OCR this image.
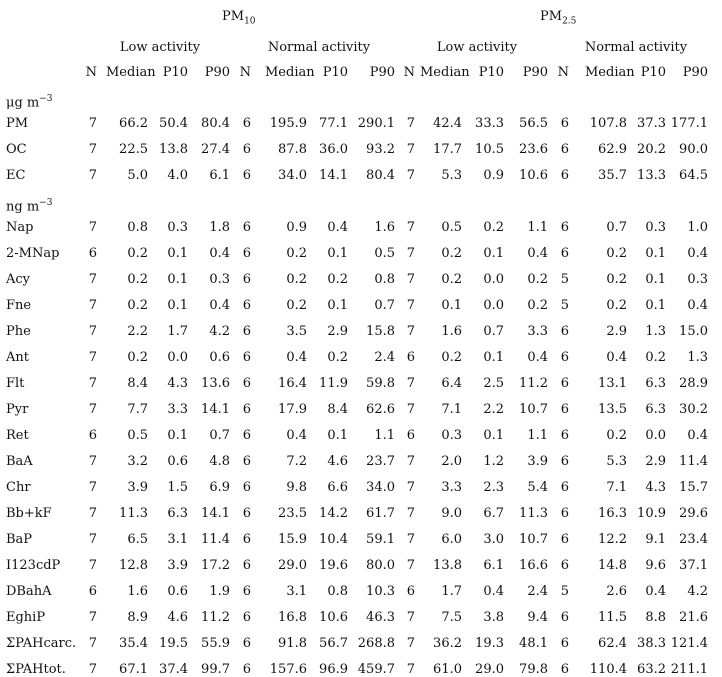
$PM_{10}$	$PM_{2.5}$
Low activity	Normal activity	Low activity	Normal activity
μg $m^{-3}$
ng $m^{-3}$
N Median P10	P90 N Median P10	P90 N Median P10	P90 N Median P10	P90
PM	7	66.2 50.4	80.4 6	195.9 77.1 290.1 7	42.4	33.3	56.5 6	107.8 37.3 177.1
OC	7	22.5 13.8	27.4 6	87.8 36.0	93.2 7	17.7	10.5	23.6 6	62.9 20.2	90.0
EC	7	5.0	4.0	6.1 6	34.0 14.1	80.4 7	5.3	0.9	10.6 6	35.7 13.3	64.5
Nap	7	0.8	0.3	1.8 6	0.9	0.4	1.6 7	0.5	0.2	1.1 6	0.7	0.3	1.0
2-MNap	6	0.2	0.1	0.4 6	0.2	0.1	0.5 7	0.2	0.1	0.4 6	0.2	0.1	0.4
Acy	7	0.2	0.1	0.3 6	0.2	0.2	0.8 7	0.2	0.0	0.2 5	0.2	0.1	0.3
Fne	7	0.2	0.1	0.4 6	0.2	0.1	0.7 7	0.1	0.0	0.2 5	0.2	0.1	0.4
Phe	7	2.2	1.7	4.2 6	3.5	2.9	15.8 7	1.6	0.7	3.3 6	2.9	1.3	15.0
Ant	7	0.2	0.0	0.6 6	0.4	0.2	2.4 6	0.2	0.1	0.4 6	0.4	0.2	1.3
Flt	7	8.4	4.3	13.6 6	16.4 11.9	59.8 7	6.4	2.5	11.2 6	13.1	6.3	28.9
Pyr	7	7.7	3.3	14.1 6	17.9	8.4	62.6 7	7.1	2.2	10.7 6	13.5	6.3	30.2
Ret	6	0.5	0.1	0.7 6	0.4	0.1	1.1 6	0.3	0.1	1.1 6	0.2	0.0	0.4
BaA	7	3.2	0.6	4.8 6	7.2	4.6	23.7 7	2.0	1.2	3.9 6	5.3	2.9	11.4
Chr	7	3.9	1.5	6.9 6	9.8	6.6	34.0 7	3.3	2.3	5.4 6	7.1	4.3	15.7
Bb+kF	7	11.3	6.3	14.1 6	23.5 14.2	61.7 7	9.0	6.7	11.3 6	16.3 10.9	29.6
BaP	7	6.5	3.1	11.4 6	15.9 10.4	59.1 7	6.0	3.0	10.7 6	12.2	9.1	23.4
I123cdP	7	12.8	3.9	17.2 6	29.0 19.6	80.0 7	13.8	6.1	16.6 6	14.8	9.6	37.1
DBahA	6	1.6	0.6	1.9 6	3.1	0.8	10.3 6	1.7	0.4	2.4 5	2.6	0.4	4.2
EghiP	7	8.9	4.6	11.2 6	16.8 10.6	46.3 7	7.5	3.8	9.4 6	11.5	8.8	21.6
ΣPAHcarc. 7	35.4 19.5	55.9 6	91.8 56.7 268.8 7	36.2	19.3	48.1 6	62.4 38.3 121.4
ΣPAHtot.	7	67.1 37.4	99.7 6	157.6 96.9 459.7 7	61.0	29.0	79.8 6	110.4 63.2 211.1
